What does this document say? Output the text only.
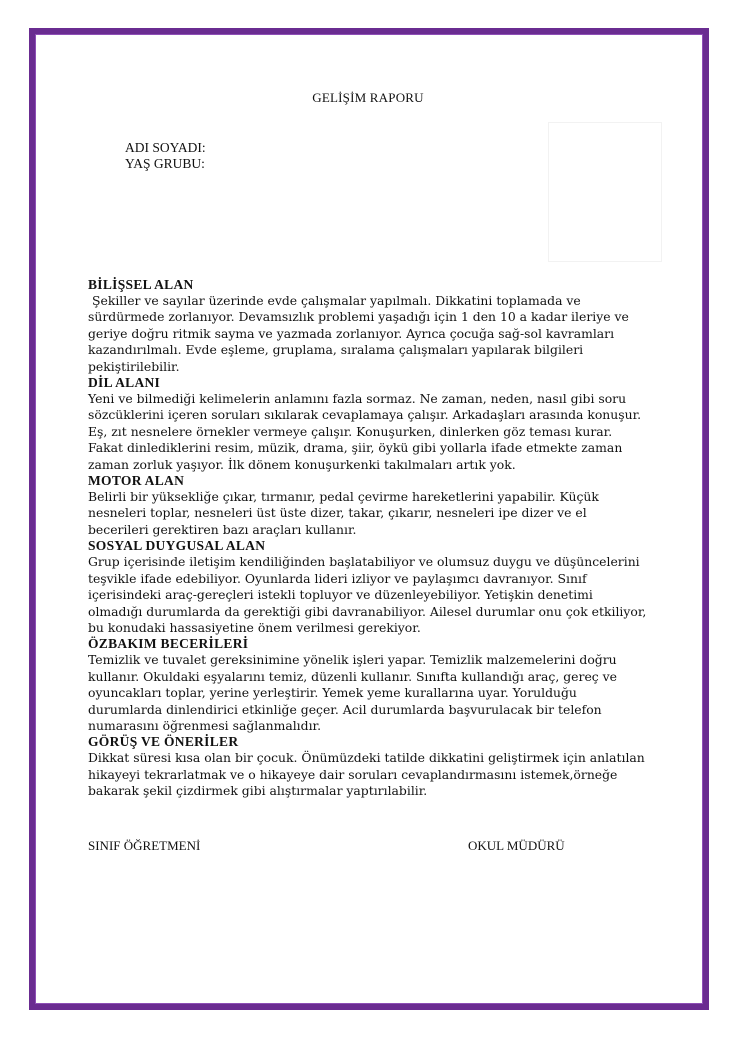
GELİŞİM RAPORU
ADI SOYADI:
YAŞ GRUBU:
BİLİŞSEL ALAN

Şekiller ve sayılar üzerinde evde çalışmalar yapılmalı. Dikkatini toplamada ve sürdürmede zorlanıyor. Devamsızlık problemi yaşadığı için 1 den 10 a kadar ileriye ve geriye doğru ritmik sayma ve yazmada zorlanıyor. Ayrıca çocuğa sağ-sol kavramları kazandırılmalı. Evde eşleme, gruplama, sıralama çalışmaları yapılarak bilgileri pekiştirilebilir.

DİL ALANI

Yeni ve bilmediği kelimelerin anlamını fazla sormaz. Ne zaman, neden, nasıl gibi soru sözcüklerini içeren soruları sıkılarak cevaplamaya çalışır. Arkadaşları arasında konuşur. Eş, zıt nesnelere örnekler vermeye çalışır. Konuşurken, dinlerken göz teması kurar. Fakat dinlediklerini resim, müzik, drama, şiir, öykü gibi yollarla ifade etmekte zaman zaman zorluk yaşıyor. İlk dönem konuşurkenki takılmaları artık yok.

MOTOR ALAN

Belirli bir yüksekliğe çıkar, tırmanır, pedal çevirme hareketlerini yapabilir. Küçük nesneleri toplar, nesneleri üst üste dizer, takar, çıkarır, nesneleri ipe dizer ve el becerileri gerektiren bazı araçları kullanır.

SOSYAL DUYGUSAL ALAN

Grup içerisinde iletişim kendiliğinden başlatabiliyor ve olumsuz duygu ve düşüncelerini teşvikle ifade edebiliyor. Oyunlarda lideri izliyor ve paylaşımcı davranıyor. Sınıf içerisindeki araç-gereçleri istekli topluyor ve düzenleyebiliyor. Yetişkin denetimi olmadığı durumlarda da gerektiği gibi davranabiliyor. Ailesel durumlar onu çok etkiliyor, bu konudaki hassasiyetine önem verilmesi gerekiyor.

ÖZBAKIM BECERİLERİ

Temizlik ve tuvalet gereksinimine yönelik işleri yapar. Temizlik malzemelerini doğru kullanır. Okuldaki eşyalarını temiz, düzenli kullanır. Sınıfta kullandığı araç, gereç ve oyuncakları toplar, yerine yerleştirir. Yemek yeme kurallarına uyar. Yorulduğu durumlarda dinlendirici etkinliğe geçer. Acil durumlarda başvurulacak bir telefon numarasını öğrenmesi sağlanmalıdır.

GÖRÜŞ VE ÖNERİLER

Dikkat süresi kısa olan bir çocuk. Önümüzdeki tatilde dikkatini geliştirmek için anlatılan hikayeyi tekrarlatmak ve o hikayeye dair soruları cevaplandırmasını istemek,örneğe bakarak şekil çizdirmek gibi alıştırmalar yaptırılabilir.

SINIF ÖĞRETMENİ	OKUL MÜDÜRÜ
